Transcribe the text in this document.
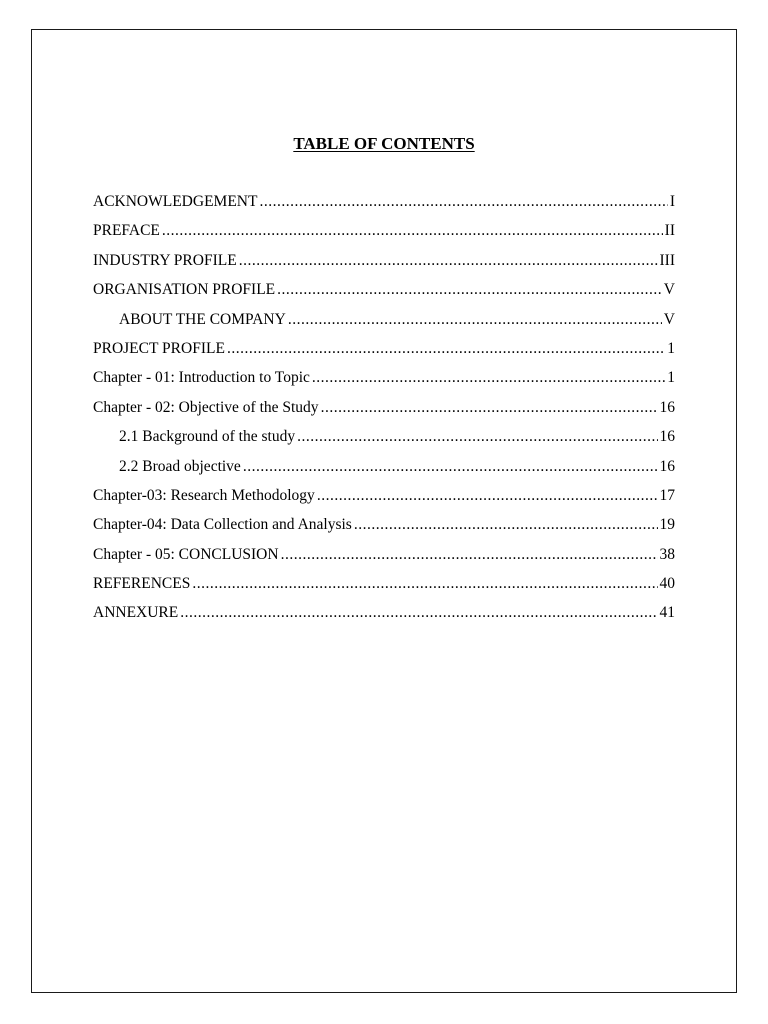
TABLE OF CONTENTS
ACKNOWLEDGEMENT .....	I
PREFACE .....	II
INDUSTRY PROFILE .....	III
ORGANISATION PROFILE .....	V
ABOUT THE COMPANY .....	V
PROJECT PROFILE .....	1
Chapter - 01: Introduction to Topic .....	1
Chapter - 02: Objective of the Study .....	16
2.1 Background of the study .....	16
2.2 Broad objective .....	16
Chapter-03: Research Methodology .....	17
Chapter-04: Data Collection and Analysis .....	19
Chapter - 05: CONCLUSION .....	38
REFERENCES .....	40
ANNEXURE .....	41
